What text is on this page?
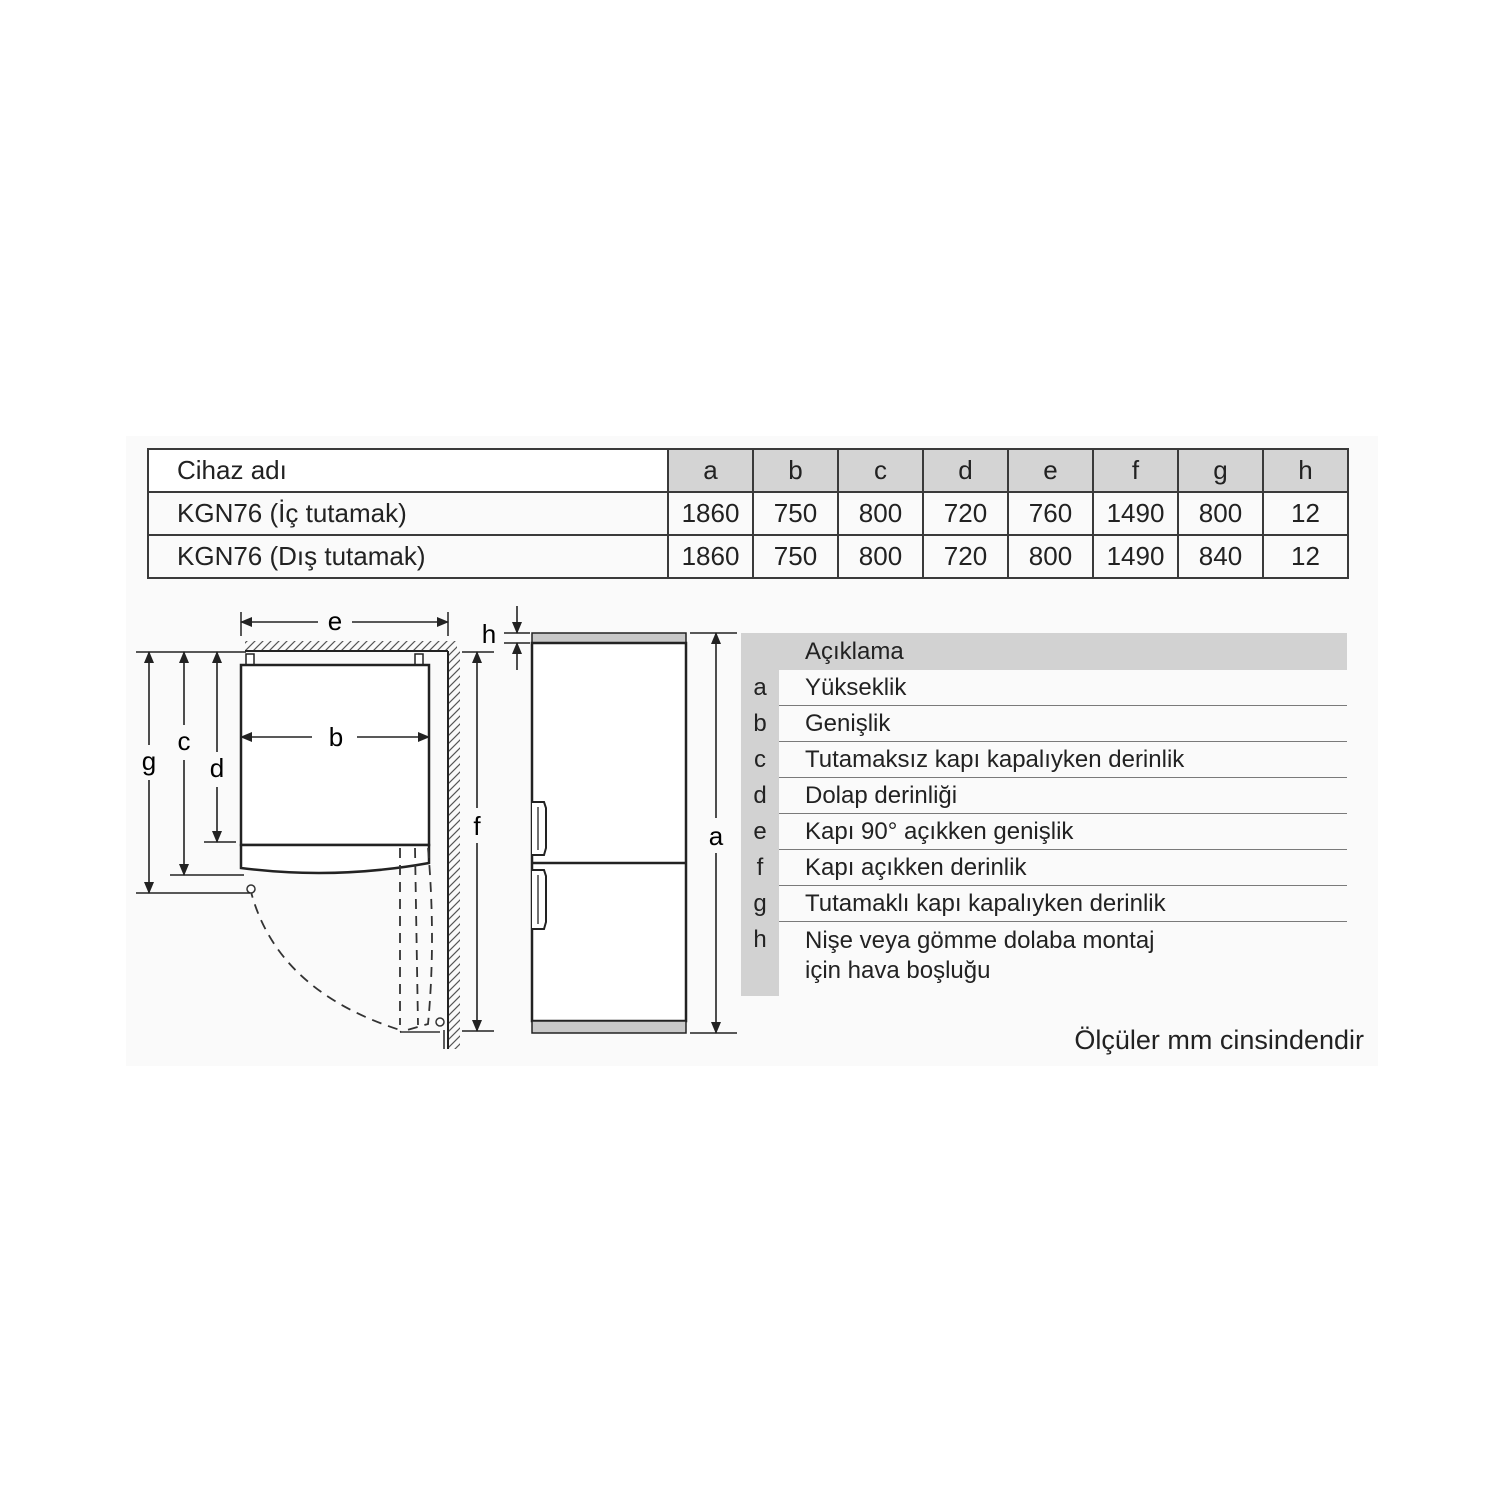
Cihaz adı	a	b	c	d	e	f	g	h
KGN76 (İç tutamak)	1860	750	800	720	760	1490	800	12
KGN76 (Dış tutamak)	1860	750	800	720	800	1490	840	12
e
b
g
c
d
f
h
a
Açıklama
a	Yükseklik
b	Genişlik
c	Tutamaksız kapı kapalıyken derinlik
d	Dolap derinliği
e	Kapı 90° açıkken genişlik
f	Kapı açıkken derinlik
g	Tutamaklı kapı kapalıyken derinlik
h	Nişe veya gömme dolaba montaj
için hava boşluğu
Ölçüler mm cinsindendir
